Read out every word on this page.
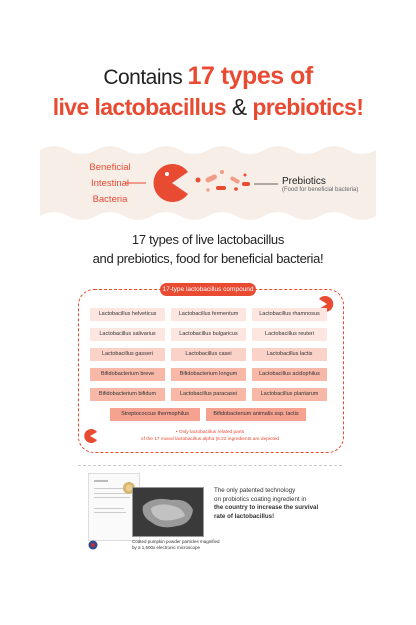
Contains 17 types of
live lactobacillus & prebiotics!
Beneficial
Intestinal
Bacteria
Prebiotics
(Food for beneficial bacteria)
17 types of live lactobacillus
and prebiotics, food for beneficial bacteria!
17-type lactobacillus compound
Lactobacillus helveticus	Lactobacillus fermentum	Lactobacillus rhamnosus
Lactobacillus salivarius	Lactobacillus bulgaricus	Lactobacillus reuteri
Lactobacillus gasseri	Lactobacillus casei	Lactobacillus lactis
Bifidobacterium breve	Bifidobacterium longum	Lactobacillus acidophilus
Bifidobacterium bifidum	Lactobacillus paracasei	Lactobacillus plantarum
Streptococcus thermophilus	Bifidobacterium animalis ssp. lactis
• Only lactobacillus related parts
of the 17 mixed lactobacillus alpha (6.22 ingredients are depicted
Coated pumpkin powder particles magnified
by a 1,500x electronic microscope
The only patented technology
on probiotics coating ingredient in
the country to increase the survival
rate of lactobacillus!
